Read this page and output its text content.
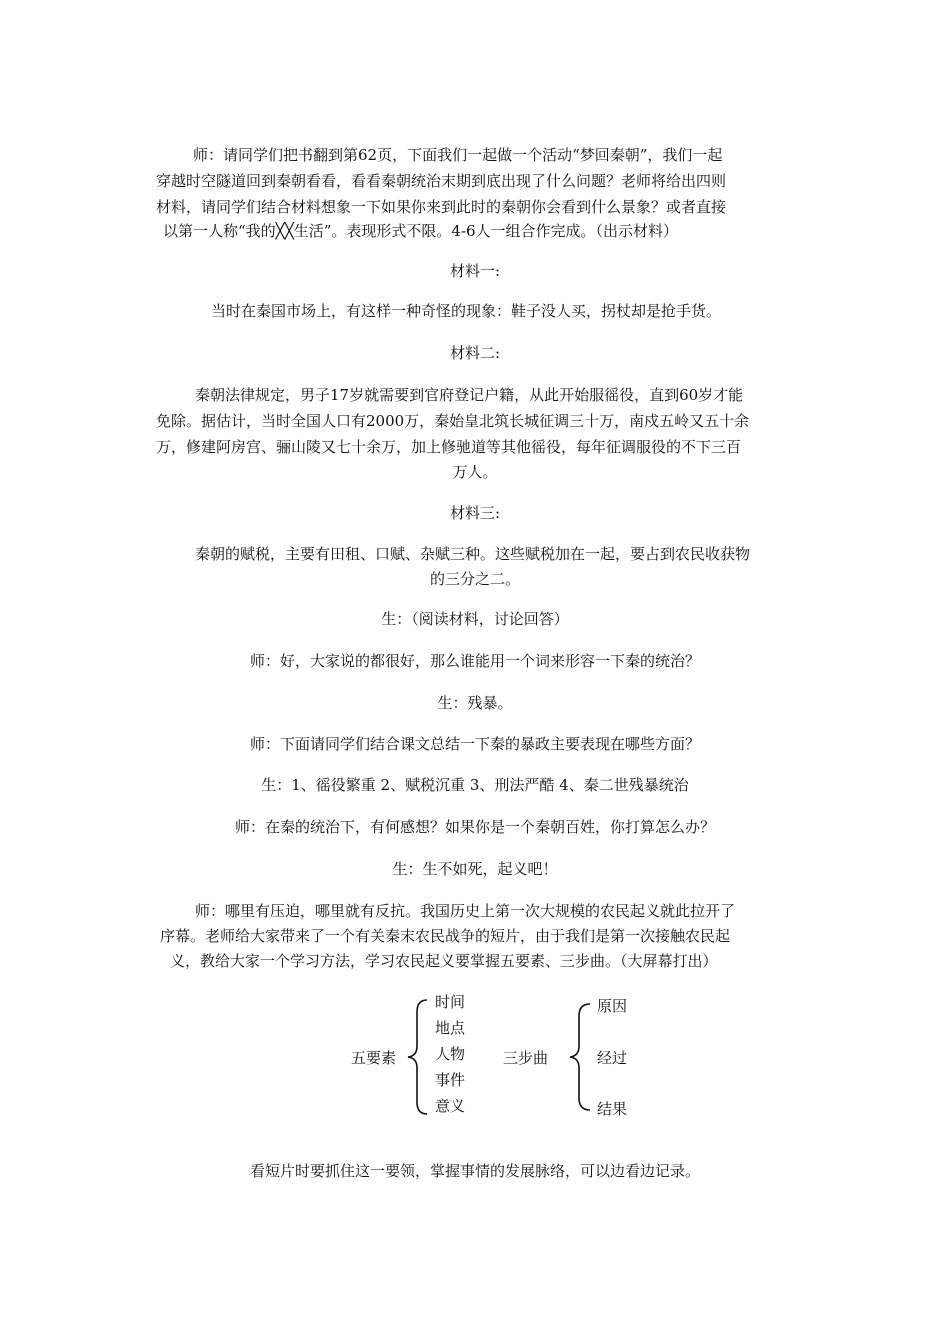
师：请同学们把书翻到第62页，下面我们一起做一个活动“梦回秦朝”，我们一起
穿越时空隧道回到秦朝看看，看看秦朝统治末期到底出现了什么问题？老师将给出四则
材料，请同学们结合材料想象一下如果你来到此时的秦朝你会看到什么景象？或者直接
以第一人称“我的╳╳生活”。表现形式不限。4-6人一组合作完成。（出示材料）
材料一:
当时在秦国市场上，有这样一种奇怪的现象：鞋子没人买，拐杖却是抢手货。
材料二:
秦朝法律规定，男子17岁就需要到官府登记户籍，从此开始服徭役，直到60岁才能
免除。据估计，当时全国人口有2000万，秦始皇北筑长城征调三十万，南戍五岭又五十余
万，修建阿房宫、骊山陵又七十余万，加上修驰道等其他徭役，每年征调服役的不下三百
万人。
材料三:
秦朝的赋税，主要有田租、口赋、杂赋三种。这些赋税加在一起，要占到农民收获物
的三分之二。
生：（阅读材料，讨论回答）
师：好，大家说的都很好，那么谁能用一个词来形容一下秦的统治？
生：残暴。
师：下面请同学们结合课文总结一下秦的暴政主要表现在哪些方面？
生：1、徭役繁重 2、赋税沉重 3、刑法严酷 4、秦二世残暴统治
师：在秦的统治下，有何感想？如果你是一个秦朝百姓，你打算怎么办？
生：生不如死，起义吧！
师：哪里有压迫，哪里就有反抗。我国历史上第一次大规模的农民起义就此拉开了
序幕。老师给大家带来了一个有关秦末农民战争的短片，由于我们是第一次接触农民起
义，教给大家一个学习方法，学习农民起义要掌握五要素、三步曲。（大屏幕打出）
五要素
时间
地点
人物
事件
意义
三步曲
原因
经过
结果
看短片时要抓住这一要领，掌握事情的发展脉络，可以边看边记录。
